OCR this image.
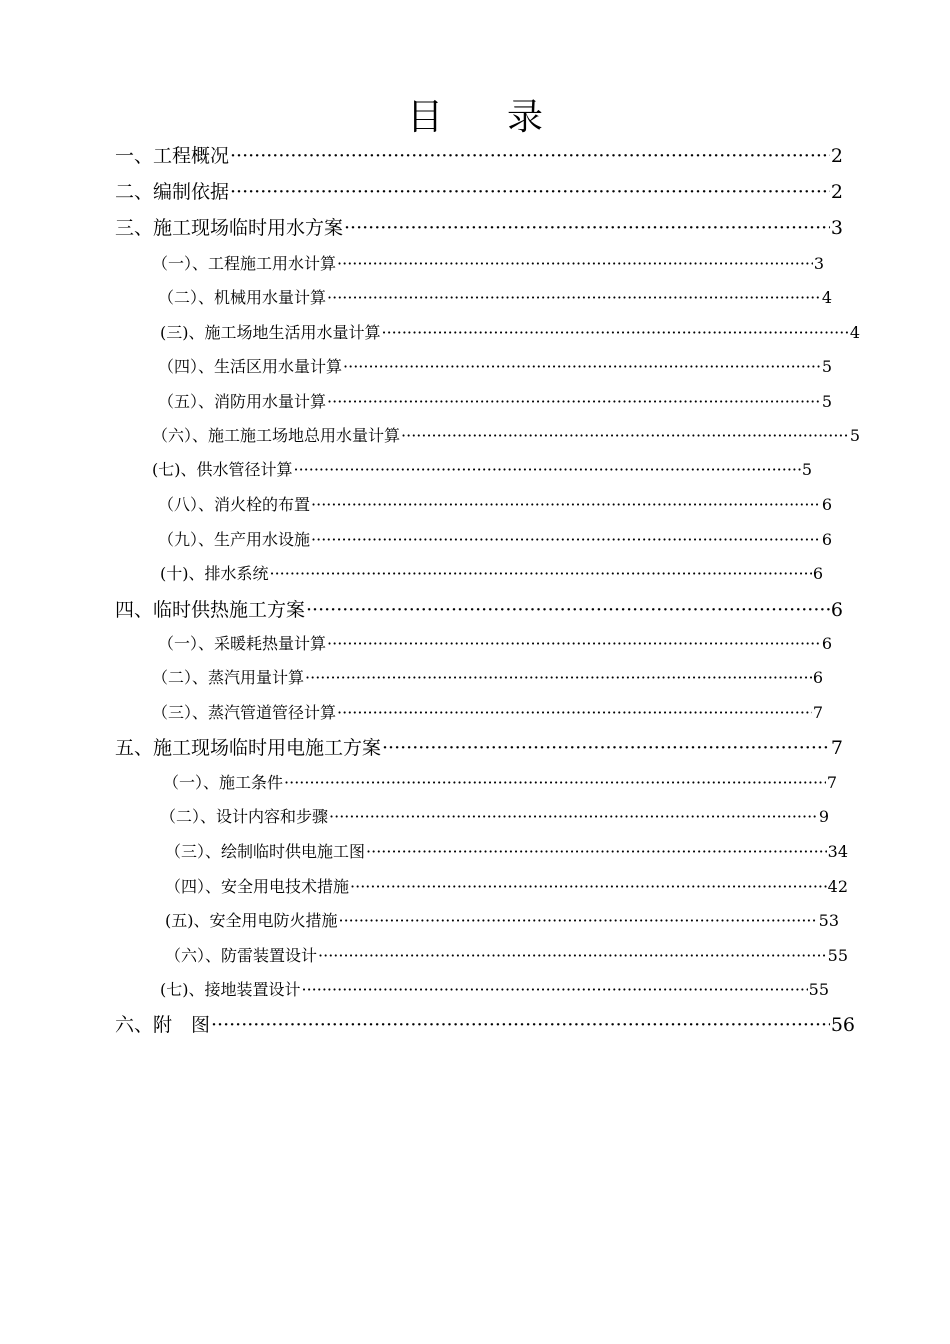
目 录
一、工程概况 ·····	2
二、编制依据 ·····	2
三、施工现场临时用水方案 ·····	3
（一）、工程施工用水计算 ·····	3
（二）、机械用水量计算 ·····	4
(三)、施工场地生活用水量计算 ·····	4
（四）、生活区用水量计算 ·····	5
（五）、消防用水量计算 ·····	5
（六）、施工施工场地总用水量计算 ·····	5
(七)、供水管径计算 ·····	5
（八）、消火栓的布置 ·····	6
（九）、生产用水设施 ·····	6
(十)、排水系统 ·····	6
四、临时供热施工方案 ·····	6
（一）、采暖耗热量计算 ·····	6
（二）、蒸汽用量计算 ·····	6
（三）、蒸汽管道管径计算 ·····	7
五、施工现场临时用电施工方案 ·····	7
（一）、施工条件 ·····	7
（二）、设计内容和步骤 ·····	9
（三）、绘制临时供电施工图 ·····	34
（四）、安全用电技术措施 ·····	42
(五)、安全用电防火措施 ·····	53
（六）、防雷装置设计 ·····	55
(七)、接地装置设计 ·····	55
六、附　图 ·····	56
